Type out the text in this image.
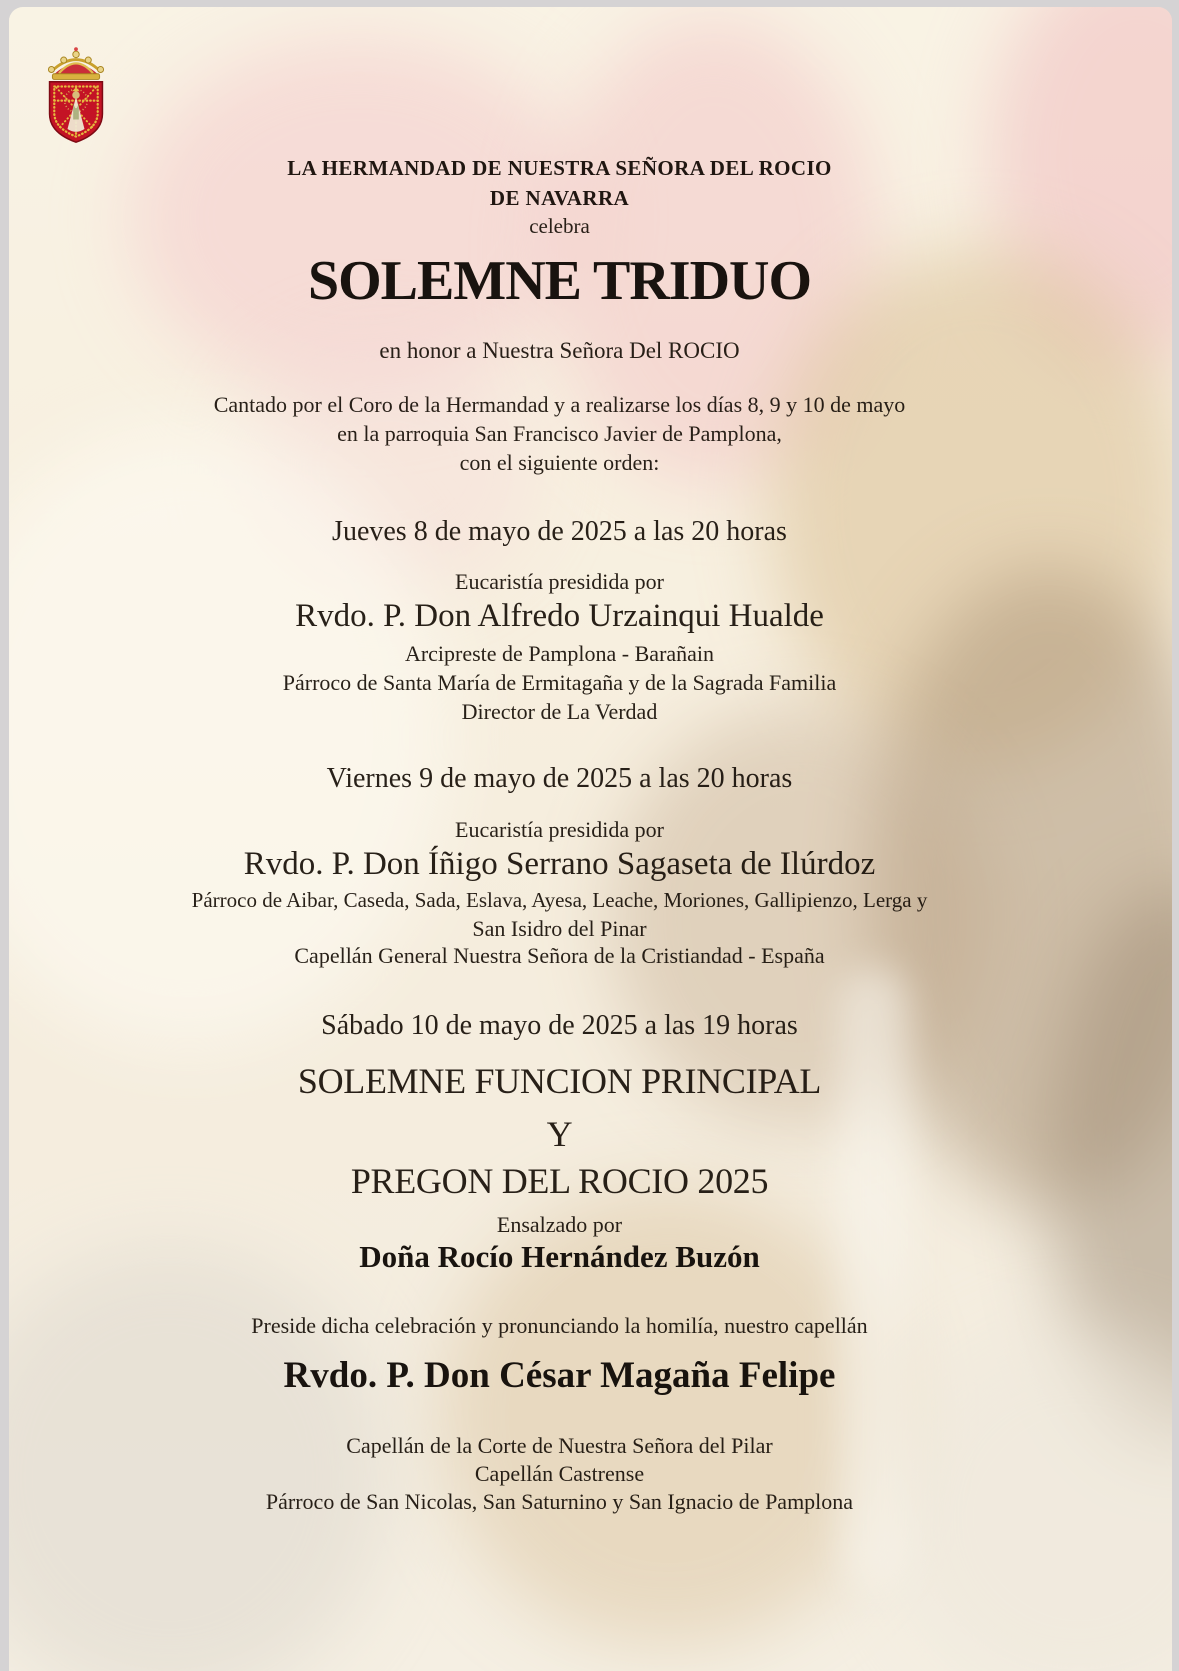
LA HERMANDAD DE NUESTRA SEÑORA DEL ROCIO
DE NAVARRA
celebra
SOLEMNE TRIDUO
en honor a Nuestra Señora Del ROCIO
Cantado por el Coro de la Hermandad y a realizarse los días 8, 9 y 10 de mayo
en la parroquia San Francisco Javier de Pamplona,
con el siguiente orden:
Jueves 8 de mayo de 2025 a las 20 horas
Eucaristía presidida por
Rvdo. P. Don Alfredo Urzainqui Hualde
Arcipreste de Pamplona - Barañain
Párroco de Santa María de Ermitagaña y de la Sagrada Familia
Director de La Verdad
Viernes 9 de mayo de 2025 a las 20 horas
Eucaristía presidida por
Rvdo. P. Don Íñigo Serrano Sagaseta de Ilúrdoz
Párroco de Aibar, Caseda, Sada, Eslava, Ayesa, Leache, Moriones, Gallipienzo, Lerga y
San Isidro del Pinar
Capellán General Nuestra Señora de la Cristiandad - España
Sábado 10 de mayo de 2025 a las 19 horas
SOLEMNE FUNCION PRINCIPAL
Y
PREGON DEL ROCIO 2025
Ensalzado por
Doña Rocío Hernández Buzón
Preside dicha celebración y pronunciando la homilía, nuestro capellán
Rvdo. P. Don César Magaña Felipe
Capellán de la Corte de Nuestra Señora del Pilar
Capellán Castrense
Párroco de San Nicolas, San Saturnino y San Ignacio de Pamplona
